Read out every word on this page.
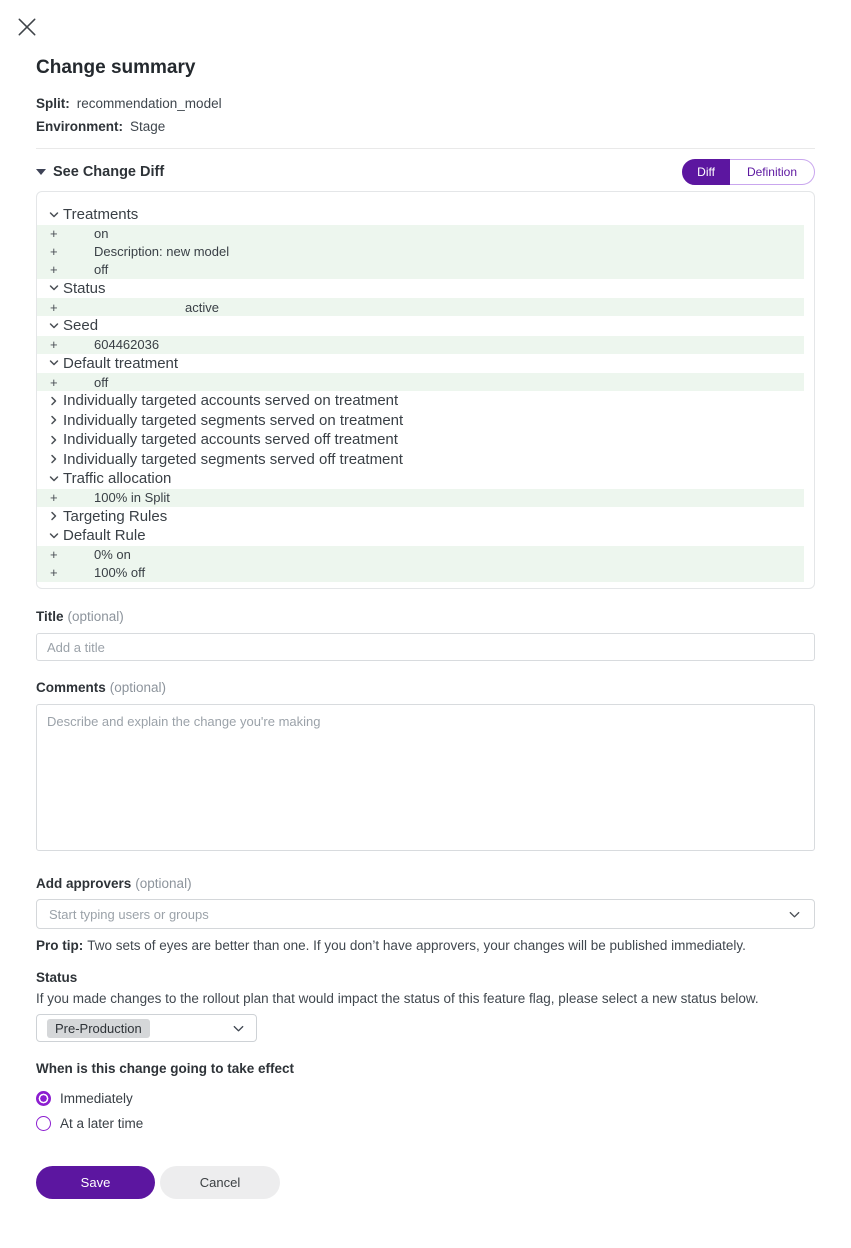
Change summary
Split: recommendation_model
Environment: Stage
See Change Diff	Diff	Definition
Treatments
+	on
+	Description: new model
+	off
Status
+	active
Seed
+	604462036
Default treatment
+	off
Individually targeted accounts served on treatment
Individually targeted segments served on treatment
Individually targeted accounts served off treatment
Individually targeted segments served off treatment
Traffic allocation
+	100% in Split
Targeting Rules
Default Rule
+	0% on
+	100% off
Title (optional)
Add a title
Comments (optional)
Describe and explain the change you're making
Add approvers (optional)
Start typing users or groups
Pro tip: Two sets of eyes are better than one. If you don’t have approvers, your changes will be published immediately.
Status
If you made changes to the rollout plan that would impact the status of this feature flag, please select a new status below.
Pre-Production
When is this change going to take effect
Immediately
At a later time
Save	Cancel
